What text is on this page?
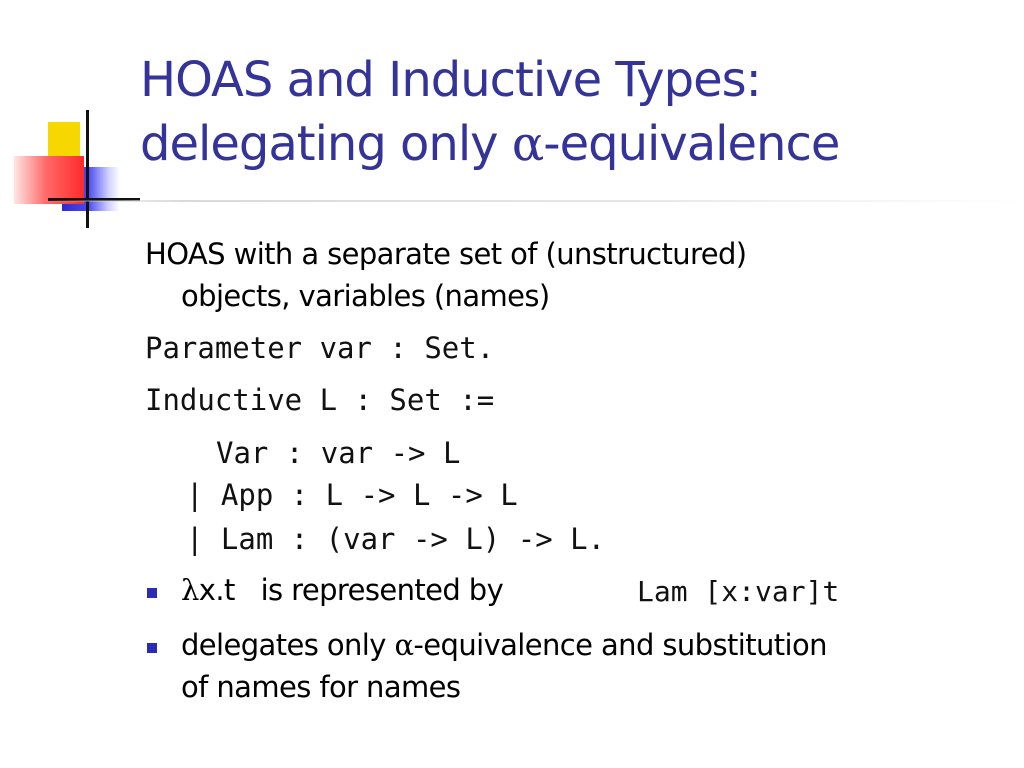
HOAS and Inductive Types:
delegating only α-equivalence
HOAS with a separate set of (unstructured)
objects, variables (names)
Parameter var : Set.
Inductive L : Set :=
Var : var -> L
| App : L -> L -> L
| Lam : (var -> L) -> L.
λx.t   is represented by	Lam [x:var]t
delegates only α-equivalence and substitution
of names for names
